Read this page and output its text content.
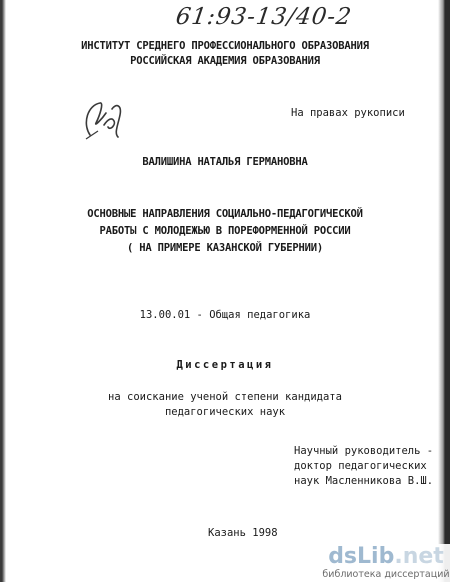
61:93-13/40-2
ИНСТИТУТ СРЕДНЕГО ПРОФЕССИОНАЛЬНОГО ОБРАЗОВАНИЯ
РОССИЙСКАЯ АКАДЕМИЯ ОБРАЗОВАНИЯ
На правах рукописи
ВАЛИШИНА НАТАЛЬЯ ГЕРМАНОВНА
ОСНОВНЫЕ НАПРАВЛЕНИЯ СОЦИАЛЬНО-ПЕДАГОГИЧЕСКОЙ
РАБОТЫ С МОЛОДЕЖЬЮ В ПОРЕФОРМЕННОЙ РОССИИ
( НА ПРИМЕРЕ КАЗАНСКОЙ ГУБЕРНИИ)
13.00.01 - Общая педагогика
Диссертация
на соискание ученой степени кандидата
педагогических наук
Научный руководитель -
доктор педагогических
наук Масленникова В.Ш.
Казань 1998
dsLib.net
библиотека диссертаций
